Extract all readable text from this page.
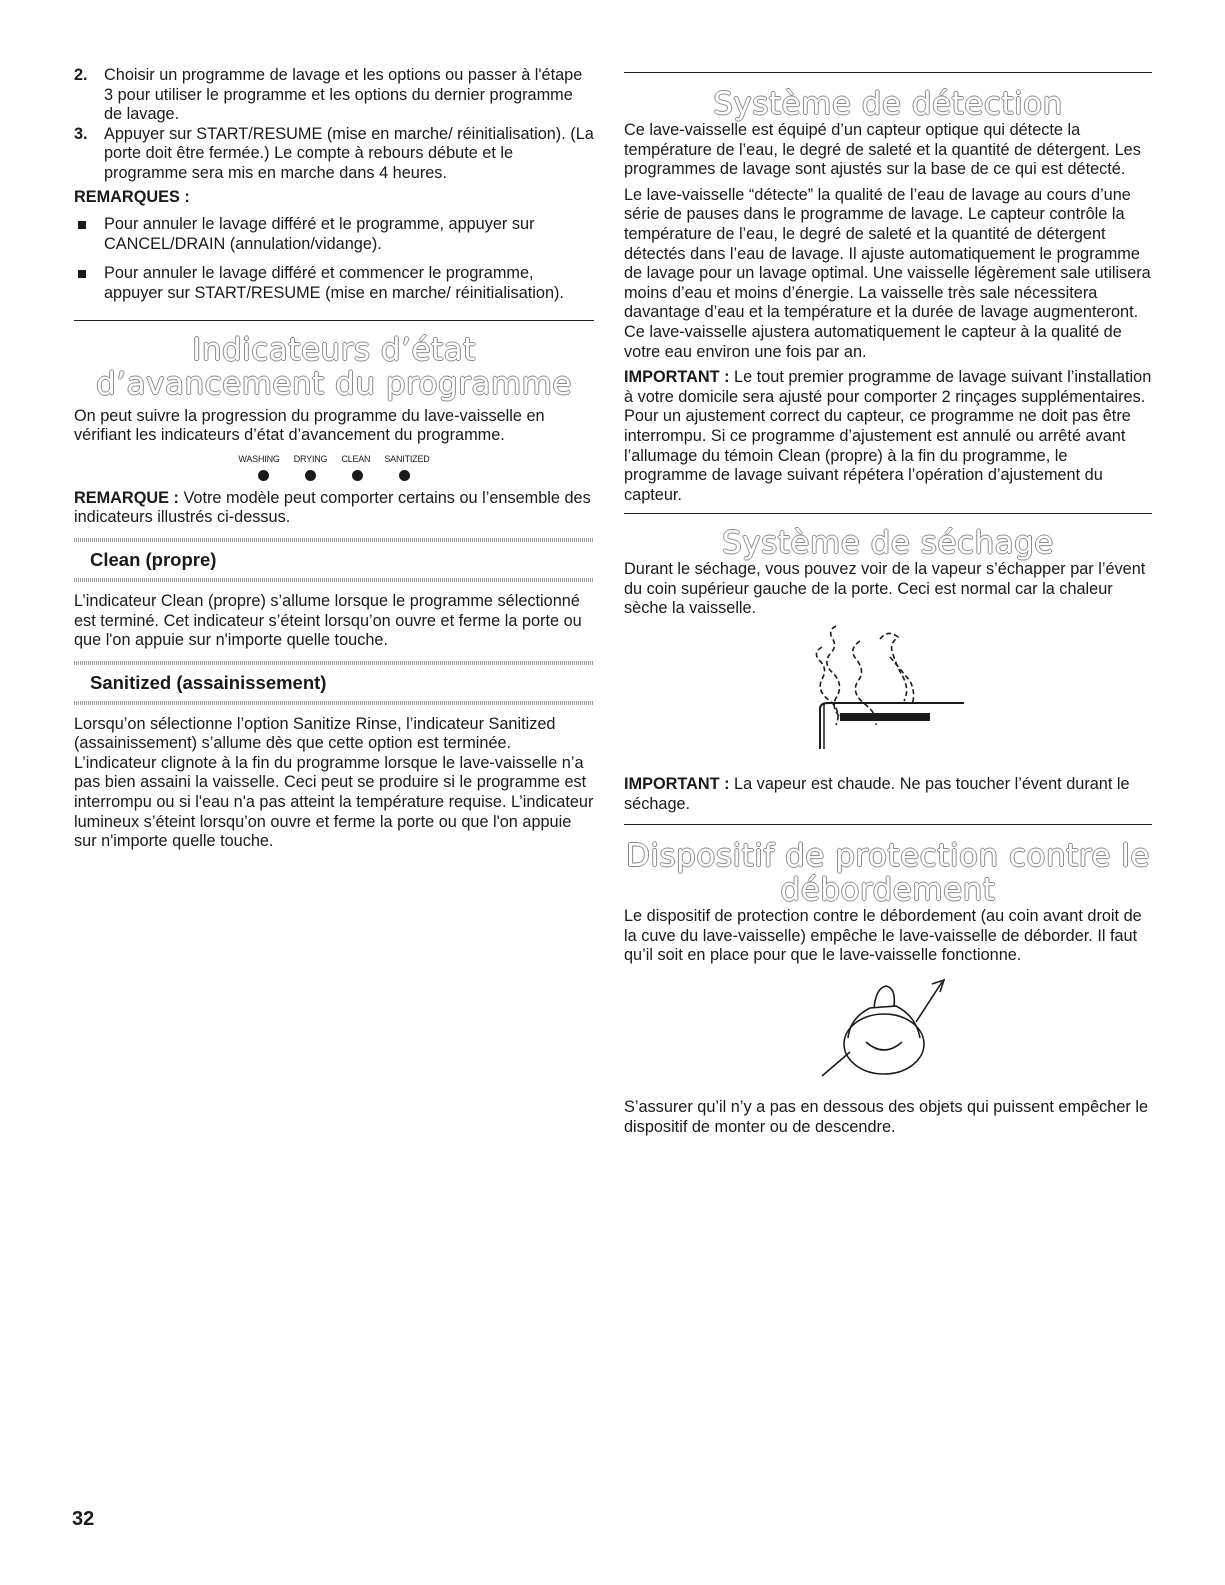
2. Choisir un programme de lavage et les options ou passer à l'étape 3 pour utiliser le programme et les options du dernier programme de lavage.

3. Appuyer sur START/RESUME (mise en marche/ réinitialisation). (La porte doit être fermée.) Le compte à rebours débute et le programme sera mis en marche dans 4 heures.

REMARQUES :

Pour annuler le lavage différé et le programme, appuyer sur CANCEL/DRAIN (annulation/vidange).
Pour annuler le lavage différé et commencer le programme, appuyer sur START/RESUME (mise en marche/ réinitialisation).
Indicateurs d’état d’avancement du programme

On peut suivre la progression du programme du lave-vaisselle en vérifiant les indicateurs d’état d’avancement du programme.

WASHING DRYING CLEAN SANITIZED

REMARQUE : Votre modèle peut comporter certains ou l’ensemble des indicateurs illustrés ci-dessus.

Clean (propre)

L’indicateur Clean (propre) s’allume lorsque le programme sélectionné est terminé. Cet indicateur s’éteint lorsqu’on ouvre et ferme la porte ou que l'on appuie sur n'importe quelle touche.

Sanitized (assainissement)

Lorsqu’on sélectionne l’option Sanitize Rinse, l’indicateur Sanitized (assainissement) s’allume dès que cette option est terminée. L’indicateur clignote à la fin du programme lorsque le lave-vaisselle n’a pas bien assaini la vaisselle. Ceci peut se produire si le programme est interrompu ou si l'eau n'a pas atteint la température requise. L’indicateur lumineux s’éteint lorsqu’on ouvre et ferme la porte ou que l'on appuie sur n'importe quelle touche.

Système de détection

Ce lave-vaisselle est équipé d’un capteur optique qui détecte la température de l’eau, le degré de saleté et la quantité de détergent. Les programmes de lavage sont ajustés sur la base de ce qui est détecté.

Le lave-vaisselle “détecte” la qualité de l’eau de lavage au cours d’une série de pauses dans le programme de lavage. Le capteur contrôle la température de l’eau, le degré de saleté et la quantité de détergent détectés dans l’eau de lavage. Il ajuste automatiquement le programme de lavage pour un lavage optimal. Une vaisselle légèrement sale utilisera moins d’eau et moins d’énergie. La vaisselle très sale nécessitera davantage d’eau et la température et la durée de lavage augmenteront. Ce lave-vaisselle ajustera automatiquement le capteur à la qualité de votre eau environ une fois par an.

IMPORTANT : Le tout premier programme de lavage suivant l’installation à votre domicile sera ajusté pour comporter 2 rinçages supplémentaires. Pour un ajustement correct du capteur, ce programme ne doit pas être interrompu. Si ce programme d’ajustement est annulé ou arrêté avant l’allumage du témoin Clean (propre) à la fin du programme, le programme de lavage suivant répétera l’opération d’ajustement du capteur.

Système de séchage

Durant le séchage, vous pouvez voir de la vapeur s’échapper par l’évent du coin supérieur gauche de la porte. Ceci est normal car la chaleur sèche la vaisselle.

IMPORTANT : La vapeur est chaude. Ne pas toucher l’évent durant le séchage.

Dispositif de protection contre le débordement

Le dispositif de protection contre le débordement (au coin avant droit de la cuve du lave-vaisselle) empêche le lave-vaisselle de déborder. Il faut qu’il soit en place pour que le lave-vaisselle fonctionne.

S’assurer qu’il n’y a pas en dessous des objets qui puissent empêcher le dispositif de monter ou de descendre.

32
